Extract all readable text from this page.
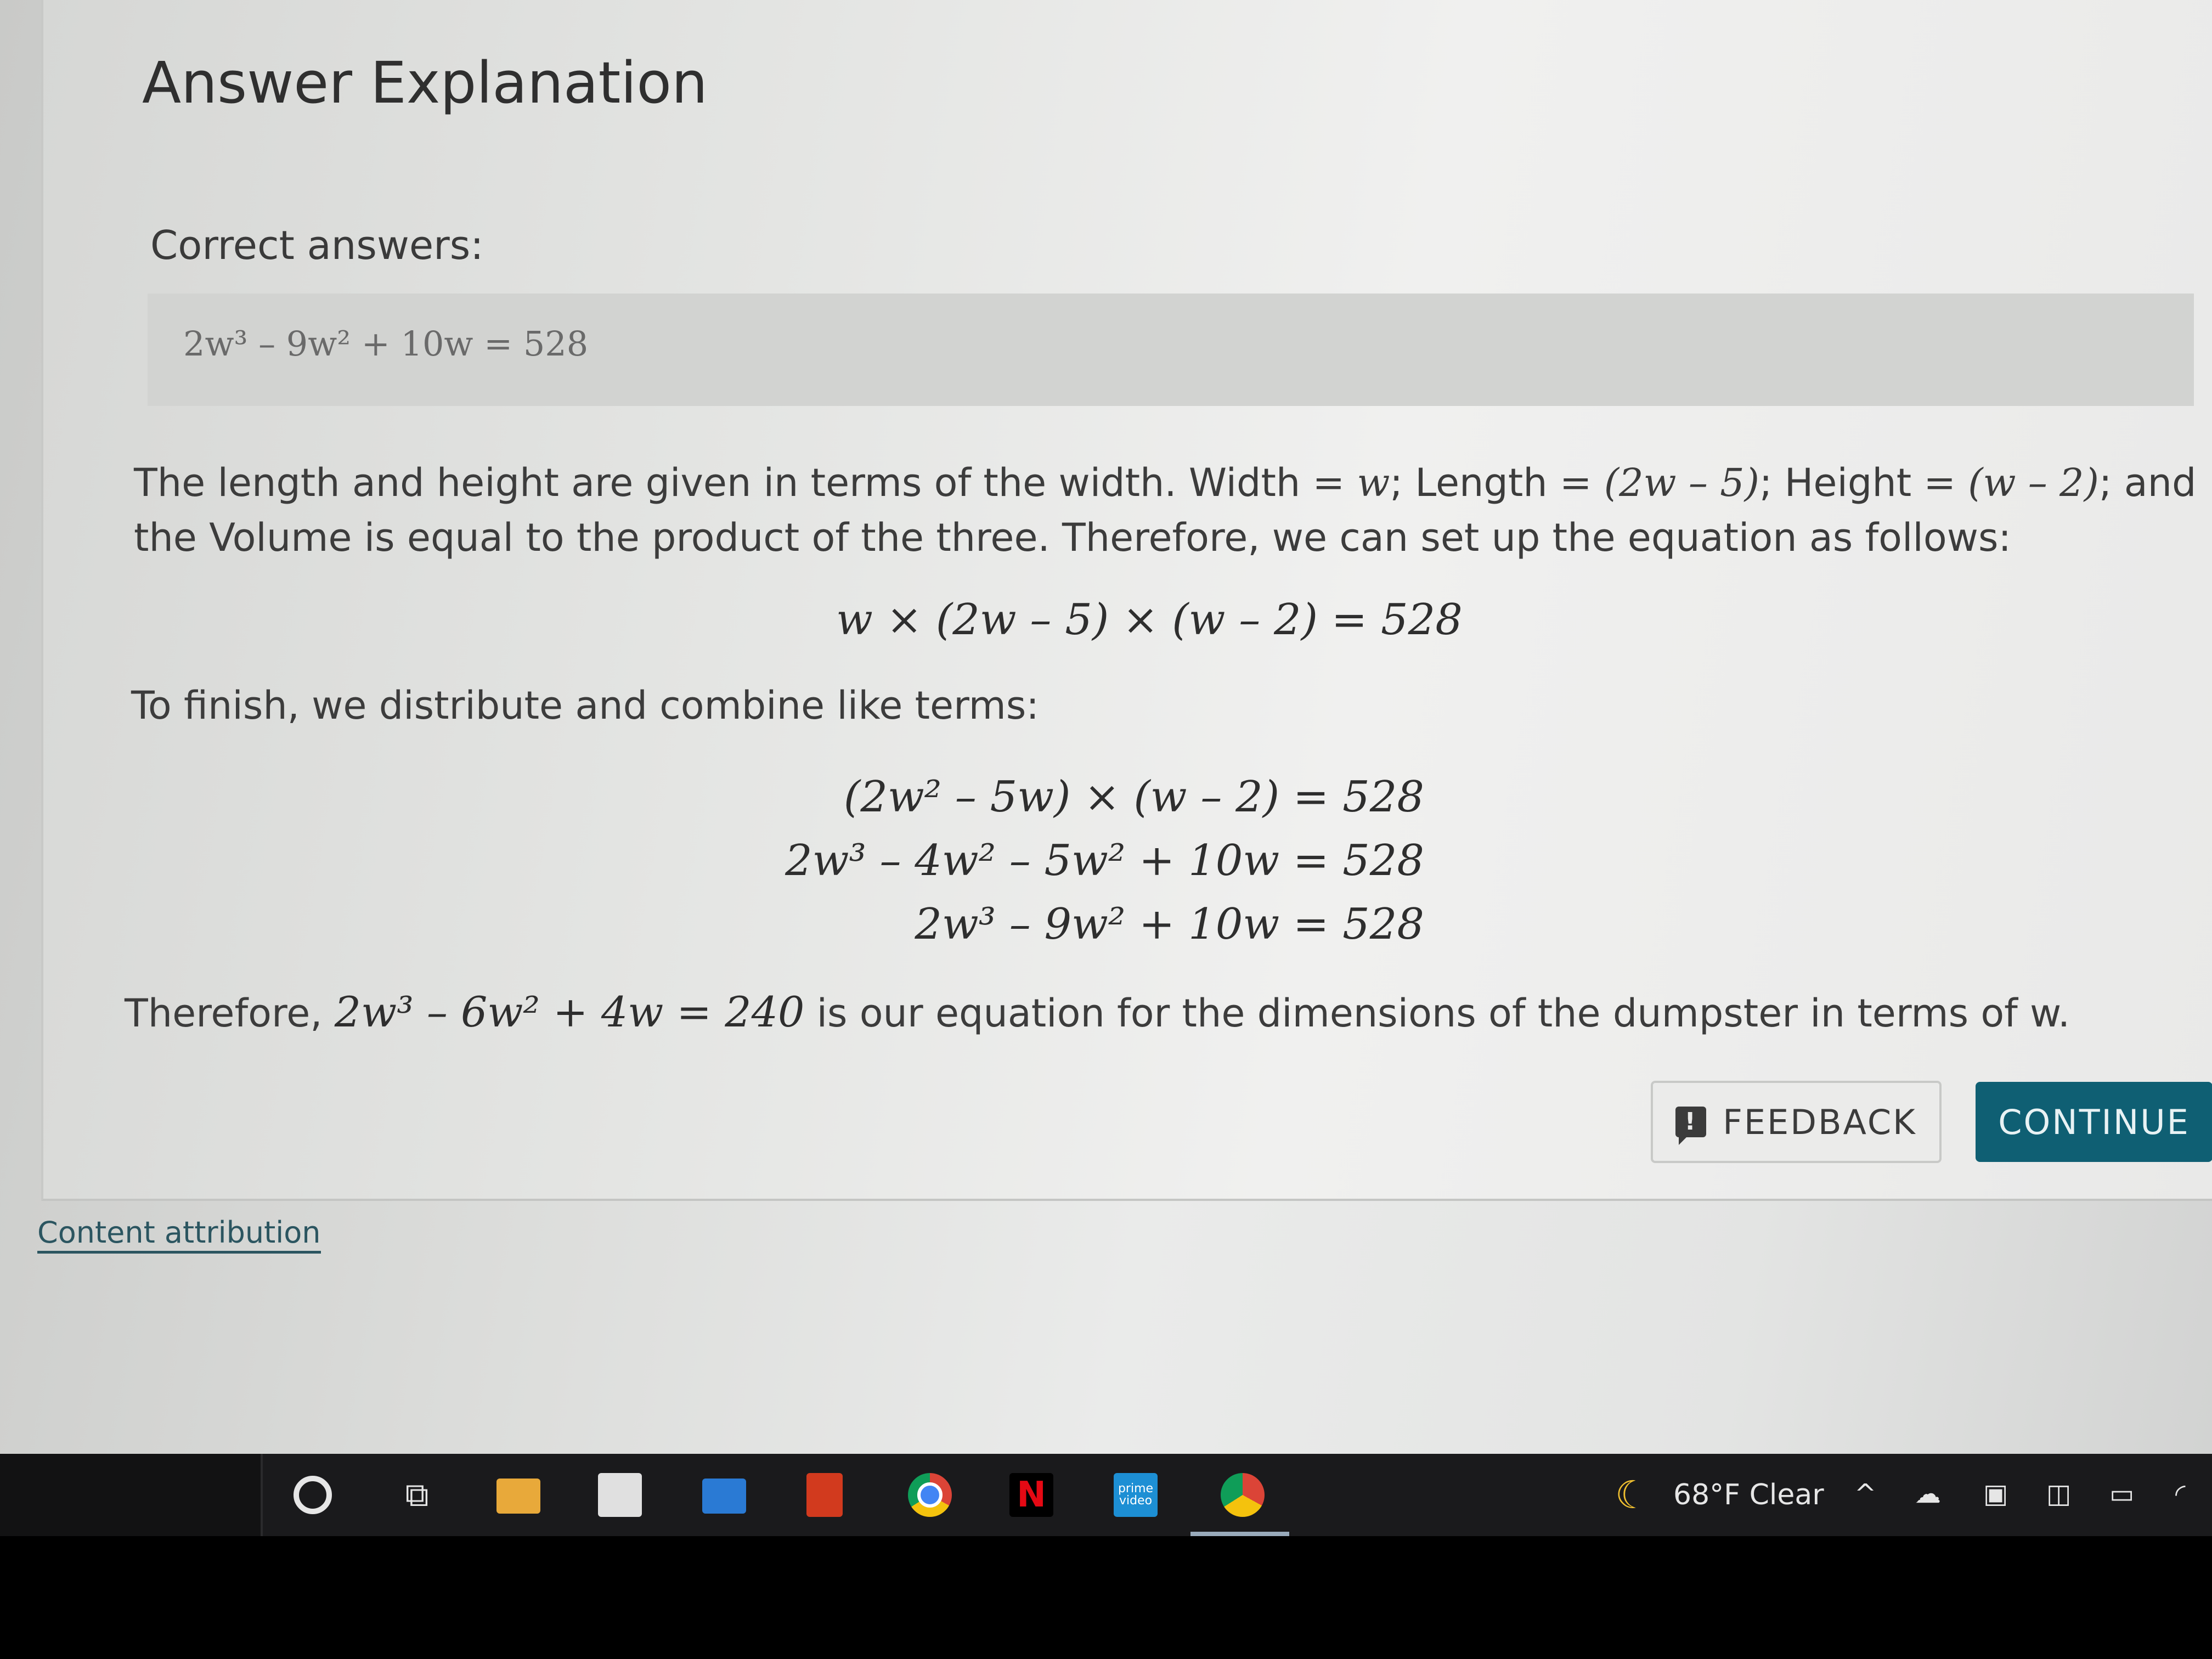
Answer Explanation
Correct answers:
2w³ – 9w² + 10w = 528
The length and height are given in terms of the width. Width = w; Length = (2w – 5); Height = (w – 2); and the Volume is equal to the product of the three. Therefore, we can set up the equation as follows:
w × (2w – 5) × (w – 2) = 528
To finish, we distribute and combine like terms:
(2w² – 5w) × (w – 2) = 528
2w³ – 4w² – 5w² + 10w = 528
2w³ – 9w² + 10w = 528
Therefore, 2w³ – 6w² + 4w = 240 is our equation for the dimensions of the dumpster in terms of w.
! FEEDBACK	CONTINUE
Content attribution
⧉	N	prime video	☾ 68°F Clear ^ ☁ ▣ ◫ ▭ ◜
